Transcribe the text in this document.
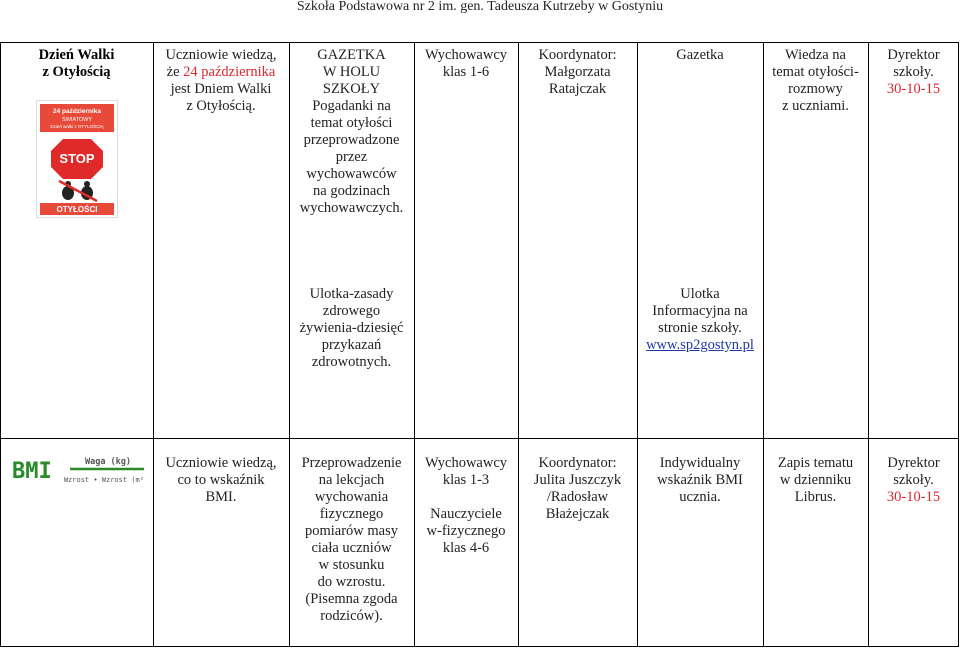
Szkoła Podstawowa nr 2 im. gen. Tadeusza Kutrzeby w Gostyniu
Dzień Walki
z Otyłością
24 października
ŚWIATOWY
Dzień walki z OTYŁOŚCIĄ
STOP
OTYŁOŚCI
Uczniowie wiedzą,
że 24 października
jest Dniem Walki
z Otyłością.
GAZETKA
W HOLU
SZKOŁY
Pogadanki na
temat otyłości
przeprowadzone
przez
wychowawców
na godzinach
wychowawczych.
Wychowawcy
klas 1-6
Koordynator:
Małgorzata
Ratajczak
Gazetka	Wiedza na
temat otyłości-
rozmowy
z uczniami.
Dyrektor
szkoły.
30-10-15
Ulotka-zasady
zdrowego
żywienia-dziesięć
przykazań
zdrowotnych.
Ulotka
Informacyjna na
stronie szkoły.
www.sp2gostyn.pl
BMI	Waga (kg)
Wzrost • Wzrost (m²)
Uczniowie wiedzą,
co to wskaźnik
BMI.
Przeprowadzenie
na lekcjach
wychowania
fizycznego
pomiarów masy
ciała uczniów
w stosunku
do wzrostu.
(Pisemna zgoda
rodziców).
Wychowawcy
klas 1-3
Nauczyciele
w-fizycznego
klas 4-6
Koordynator:
Julita Juszczyk
/Radosław
Błażejczak
Indywidualny
wskaźnik BMI
ucznia.
Zapis tematu
w dzienniku
Librus.
Dyrektor
szkoły.
30-10-15
